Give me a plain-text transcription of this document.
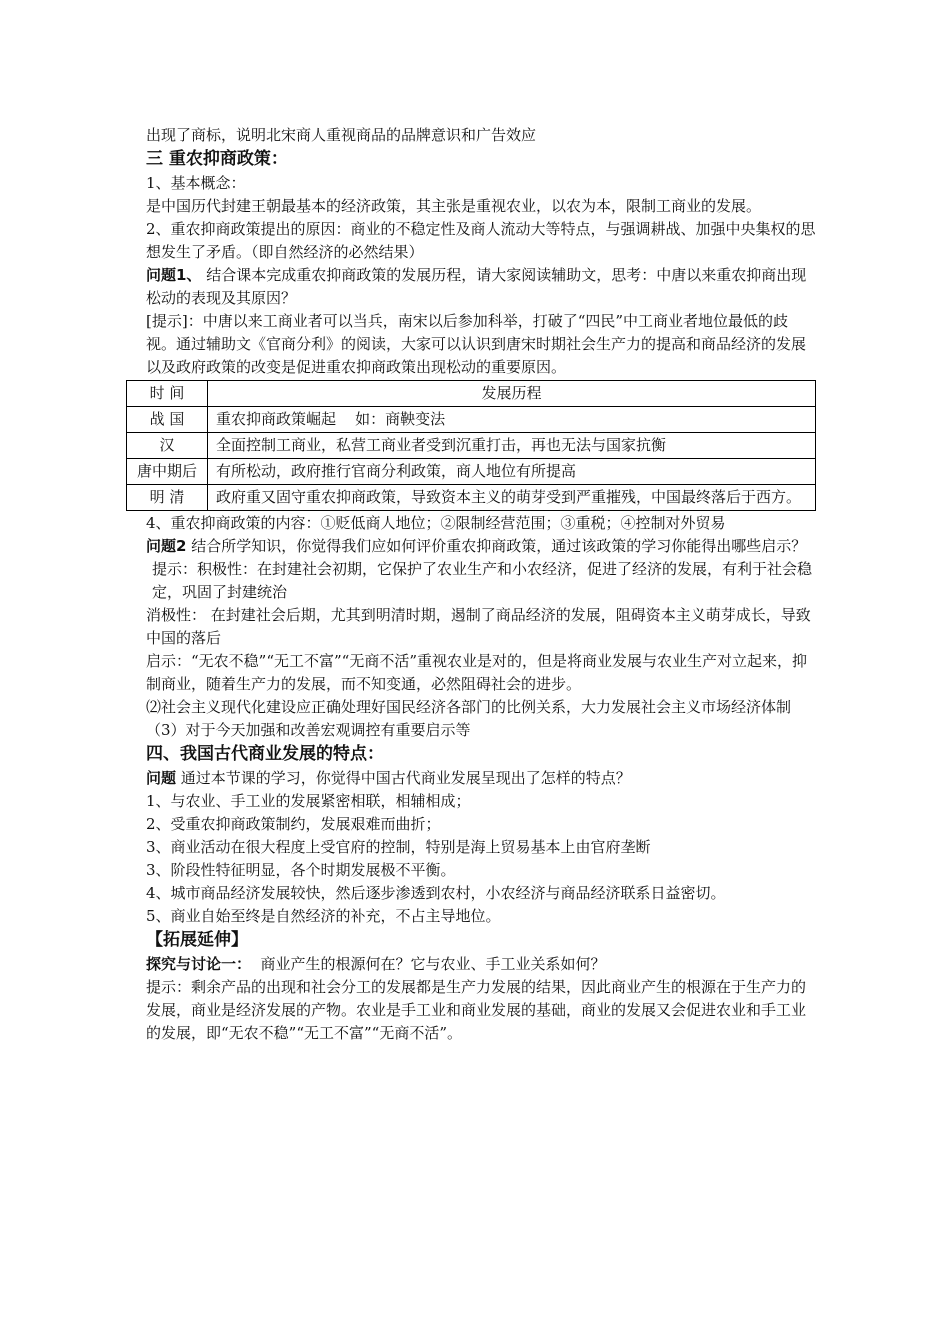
出现了商标，说明北宋商人重视商品的品牌意识和广告效应

三 重农抑商政策：

1、基本概念：

是中国历代封建王朝最基本的经济政策，其主张是重视农业，以农为本，限制工商业的发展。

2、重农抑商政策提出的原因：商业的不稳定性及商人流动大等特点，与强调耕战、加强中央集权的思想发生了矛盾。（即自然经济的必然结果）

问题1、 结合课本完成重农抑商政策的发展历程，请大家阅读辅助文，思考：中唐以来重农抑商出现松动的表现及其原因？

[提示]：中唐以来工商业者可以当兵，南宋以后参加科举，打破了“四民”中工商业者地位最低的歧视。通过辅助文《官商分利》的阅读，大家可以认识到唐宋时期社会生产力的提高和商品经济的发展以及政府政策的改变是促进重农抑商政策出现松动的重要原因。

时 间	发展历程
战 国	重农抑商政策崛起    如：商鞅变法
汉	全面控制工商业，私营工商业者受到沉重打击，再也无法与国家抗衡
唐中期后	有所松动，政府推行官商分利政策，商人地位有所提高
明 清	政府重又固守重农抑商政策，导致资本主义的萌芽受到严重摧残，中国最终落后于西方。

4、重农抑商政策的内容：①贬低商人地位；②限制经营范围；③重税；④控制对外贸易

问题2 结合所学知识，你觉得我们应如何评价重农抑商政策，通过该政策的学习你能得出哪些启示？

提示：积极性：在封建社会初期，它保护了农业生产和小农经济，促进了经济的发展，有利于社会稳定，巩固了封建统治

消极性： 在封建社会后期，尤其到明清时期，遏制了商品经济的发展，阻碍资本主义萌芽成长，导致中国的落后

启示：“无农不稳”“无工不富”“无商不活”重视农业是对的，但是将商业发展与农业生产对立起来，抑制商业，随着生产力的发展，而不知变通，必然阻碍社会的进步。

⑵社会主义现代化建设应正确处理好国民经济各部门的比例关系，大力发展社会主义市场经济体制

（3）对于今天加强和改善宏观调控有重要启示等

四、我国古代商业发展的特点：

问题 通过本节课的学习，你觉得中国古代商业发展呈现出了怎样的特点？

1、与农业、手工业的发展紧密相联，相辅相成；

2、受重农抑商政策制约，发展艰难而曲折；

3、商业活动在很大程度上受官府的控制，特别是海上贸易基本上由官府垄断

3、阶段性特征明显，各个时期发展极不平衡。

4、城市商品经济发展较快，然后逐步渗透到农村，小农经济与商品经济联系日益密切。

5、商业自始至终是自然经济的补充，不占主导地位。

【拓展延伸】

探究与讨论一：  商业产生的根源何在？它与农业、手工业关系如何？

提示：剩余产品的出现和社会分工的发展都是生产力发展的结果，因此商业产生的根源在于生产力的发展，商业是经济发展的产物。农业是手工业和商业发展的基础，商业的发展又会促进农业和手工业的发展，即“无农不稳”“无工不富”“无商不活”。
